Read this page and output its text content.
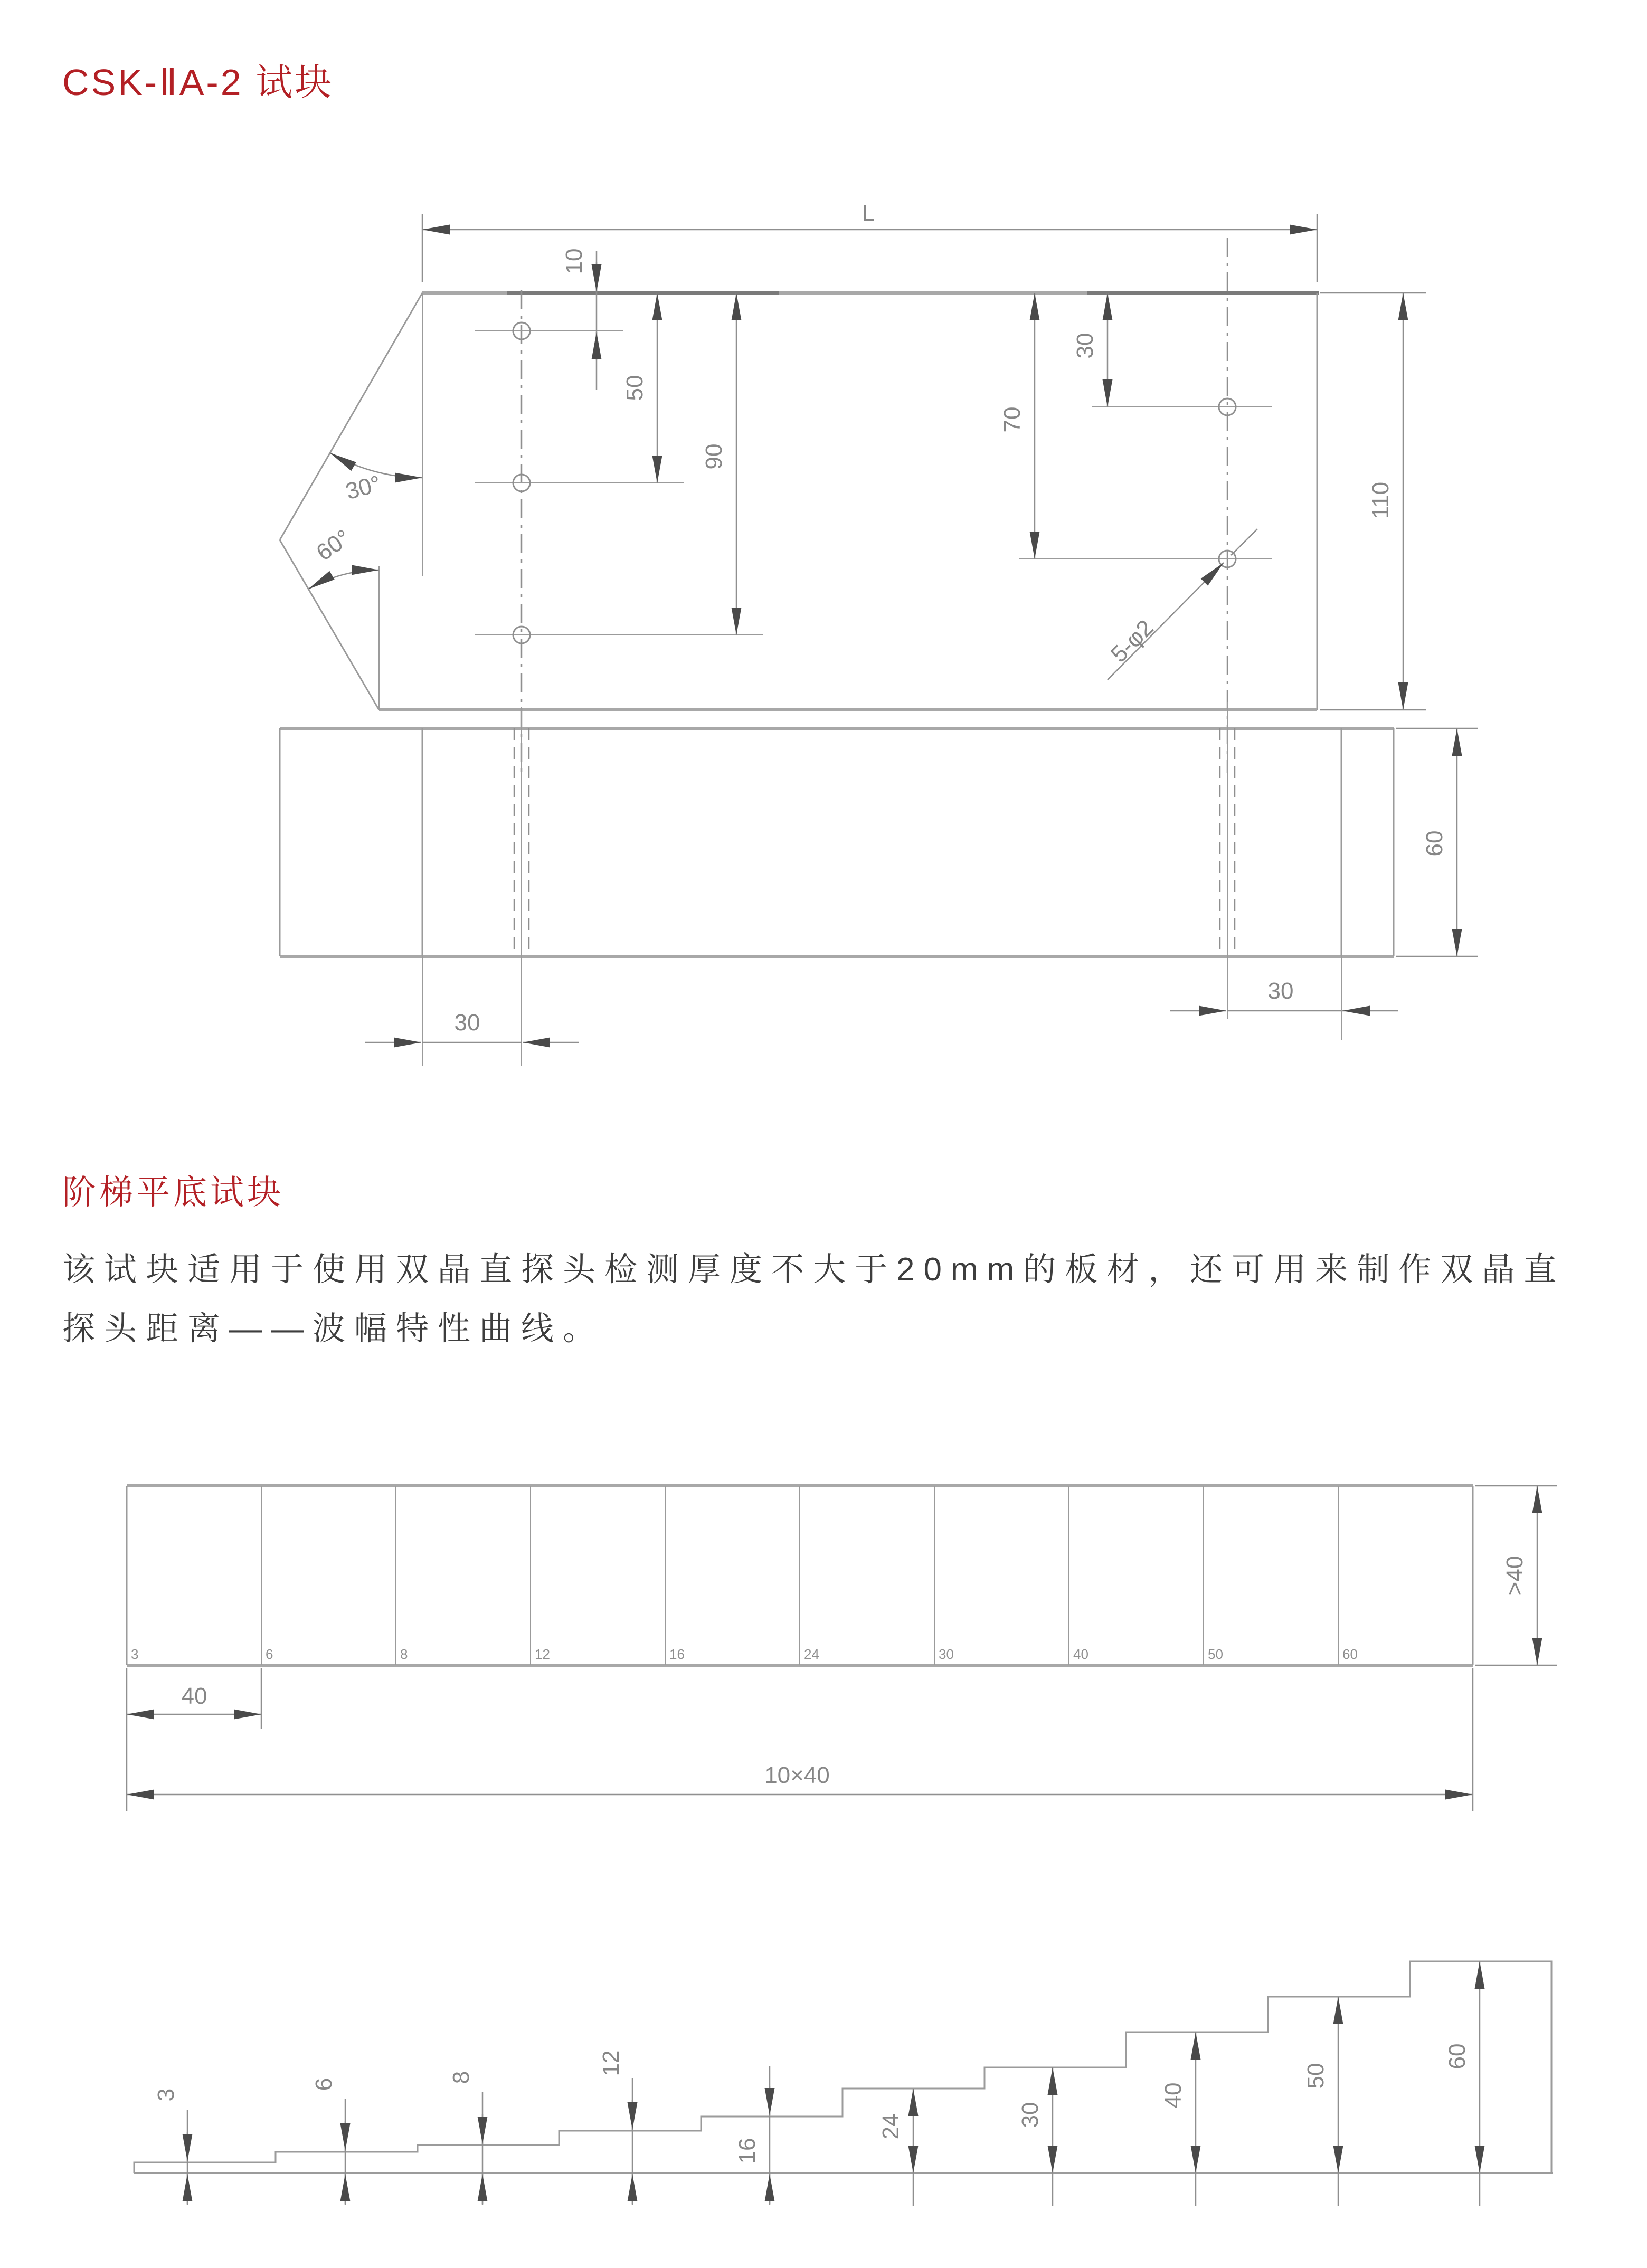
CSK-ⅡA-2 试块
L
10
50
90
30
70
110
5-φ2
30°
60°
30
30
60
阶梯平底试块
该试块适用于使用双晶直探头检测厚度不大于20mm的板材，还可用来制作双晶直
探头距离——波幅特性曲线。
3	6	8	12	16	24	30	40	50	60
>40
40
10×40
3
6
8
12
16
24	30
40
50
60
